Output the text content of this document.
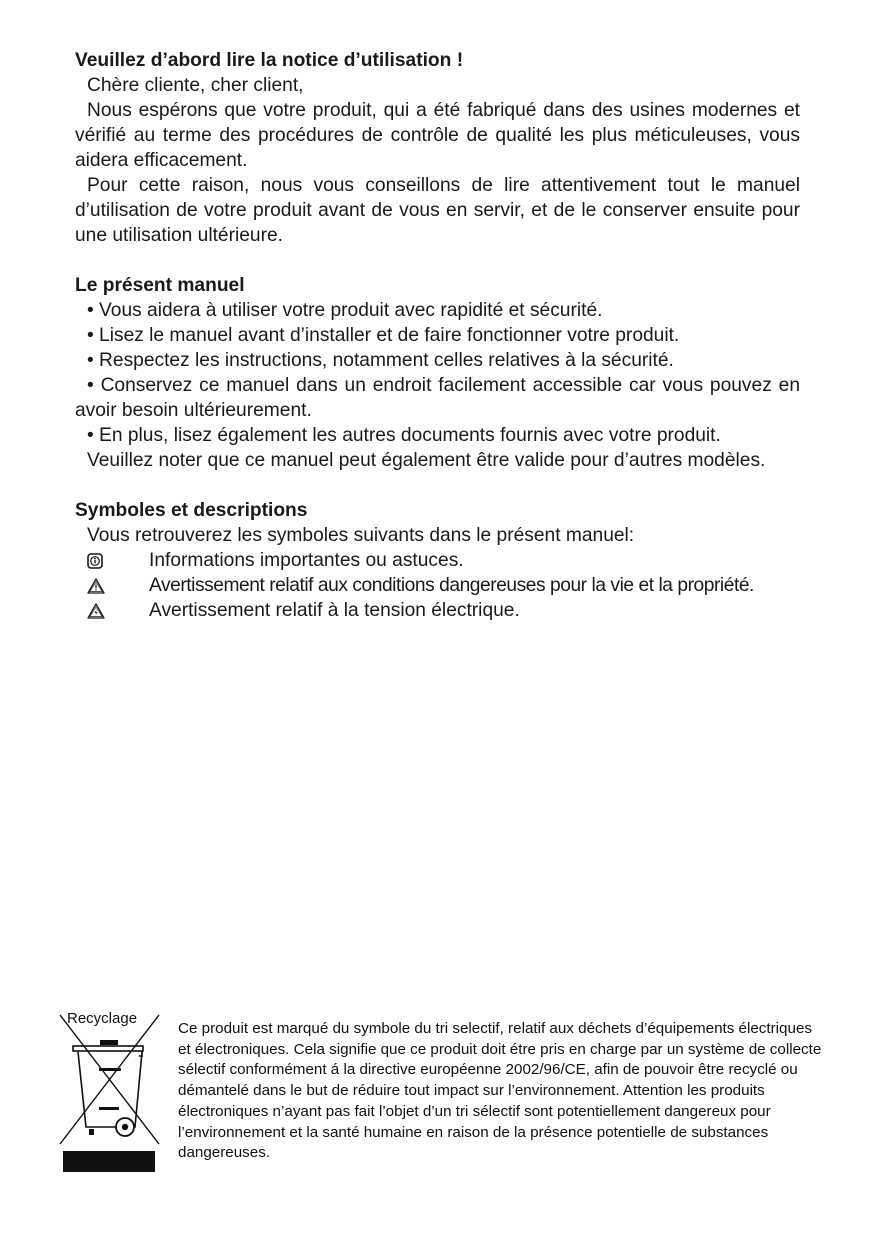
Veuillez d’abord lire la notice d’utilisation !

Chère cliente, cher client,

Nous espérons que votre produit, qui a été fabriqué dans des usines modernes et vérifié au terme des procédures de contrôle de qualité les plus méticuleuses, vous aidera efficacement.

Pour cette raison, nous vous conseillons de lire attentivement tout le manuel d’utilisation de votre produit avant de vous en servir, et de le conserver ensuite pour une utilisation ultérieure.

Le présent manuel

• Vous aidera à utiliser votre produit avec rapidité et sécurité.

• Lisez le manuel avant d’installer et de faire fonctionner votre produit.

• Respectez les instructions, notamment celles relatives à la sécurité.

• Conservez ce manuel dans un endroit facilement accessible car vous pouvez en avoir besoin ultérieurement.

• En plus, lisez également les autres documents fournis avec votre produit.

Veuillez noter que ce manuel peut également être valide pour d’autres modèles.

Symboles et descriptions

Vous retrouverez les symboles suivants dans le présent manuel:

Informations importantes ou astuces.
Avertissement relatif aux conditions dangereuses pour la vie et la propriété.
Avertissement relatif à la tension électrique.
Recyclage

Ce produit est marqué du symbole du tri selectif, relatif aux déchets d’équipements électriques et électroniques. Cela signifie que ce produit doit étre pris en charge par un système de collecte sélectif conformément á la directive européenne 2002/96/CE, afin de pouvoir être recyclé ou démantelé dans le but de réduire tout impact sur l’environnement. Attention les produits électroniques n’ayant pas fait l’objet d’un tri sélectif sont potentiellement dangereux pour l’environnement et la santé humaine en raison de la présence potentielle de substances dangereuses.
